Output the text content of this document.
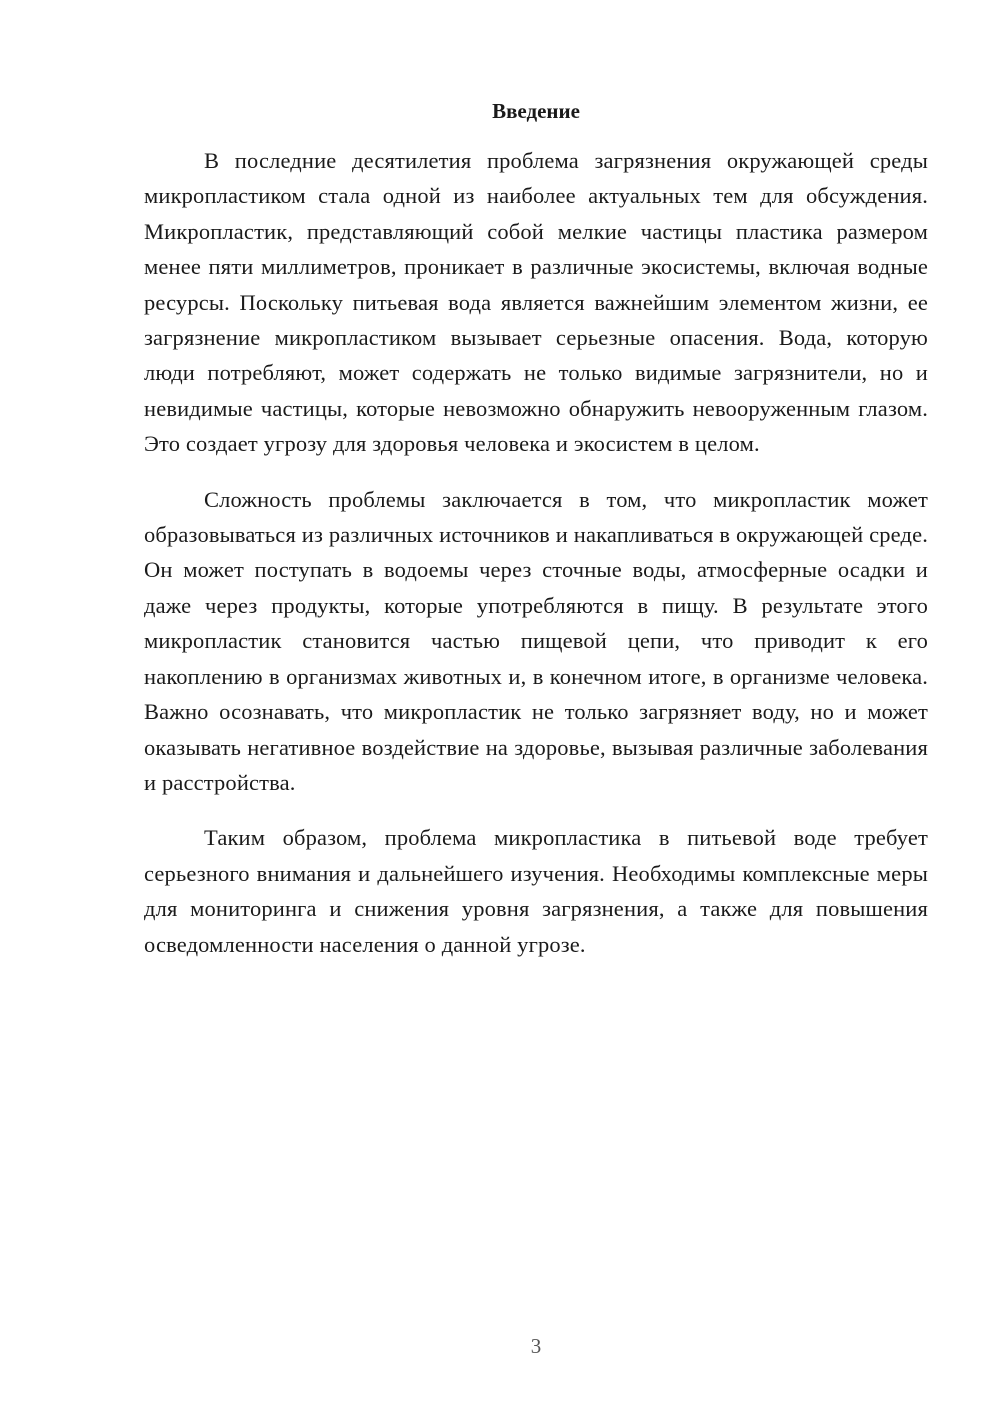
Введение

В последние десятилетия проблема загрязнения окружающей среды микропластиком стала одной из наиболее актуальных тем для обсуждения. Микропластик, представляющий собой мелкие частицы пластика размером менее пяти миллиметров, проникает в различные экосистемы, включая водные ресурсы. Поскольку питьевая вода является важнейшим элементом жизни, ее загрязнение микропластиком вызывает серьезные опасения. Вода, которую люди потребляют, может содержать не только видимые загрязнители, но и невидимые частицы, которые невозможно обнаружить невооруженным глазом. Это создает угрозу для здоровья человека и экосистем в целом.

Сложность проблемы заключается в том, что микропластик может образовываться из различных источников и накапливаться в окружающей среде. Он может поступать в водоемы через сточные воды, атмосферные осадки и даже через продукты, которые употребляются в пищу. В результате этого микропластик становится частью пищевой цепи, что приводит к его накоплению в организмах животных и, в конечном итоге, в организме человека. Важно осознавать, что микропластик не только загрязняет воду, но и может оказывать негативное воздействие на здоровье, вызывая различные заболевания и расстройства.

Таким образом, проблема микропластика в питьевой воде требует серьезного внимания и дальнейшего изучения. Необходимы комплексные меры для мониторинга и снижения уровня загрязнения, а также для повышения осведомленности населения о данной угрозе.

3
